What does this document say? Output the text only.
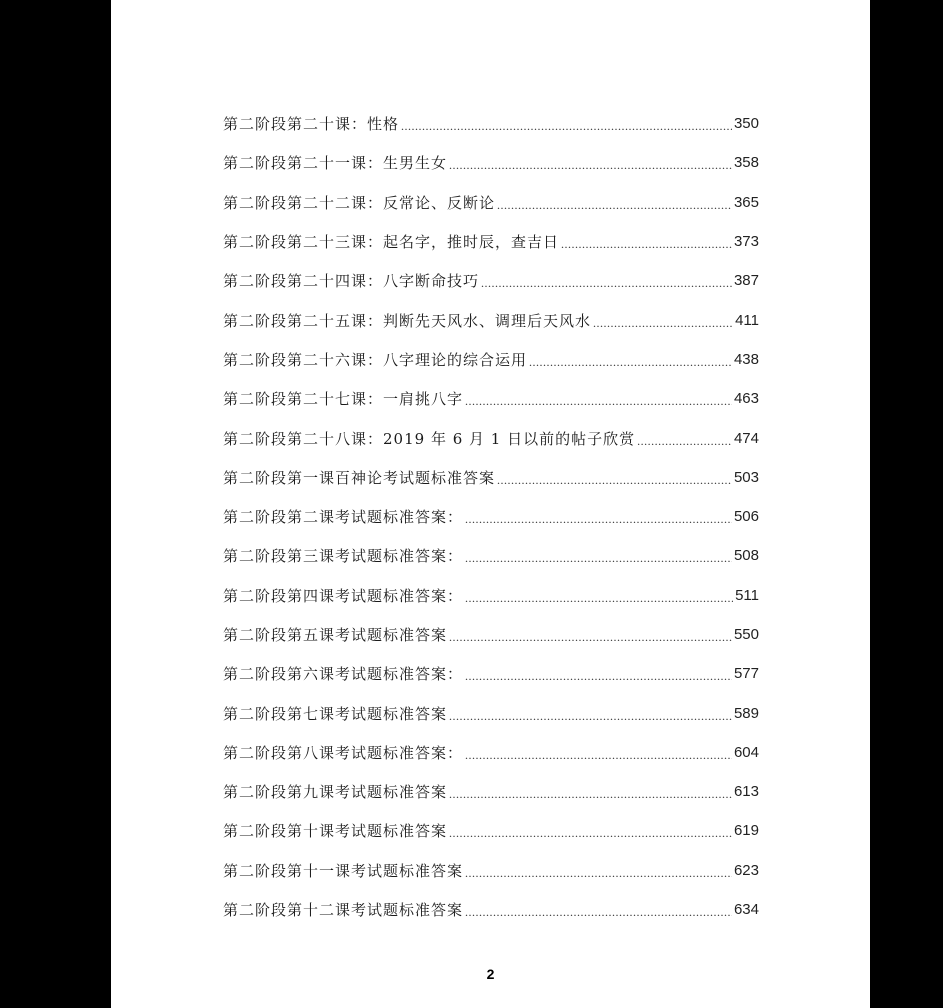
第二阶段第二十课：性格 .....	350
第二阶段第二十一课：生男生女 .....	358
第二阶段第二十二课：反常论、反断论 .....	365
第二阶段第二十三课：起名字，推时辰，查吉日 .....	373
第二阶段第二十四课：八字断命技巧 .....	387
第二阶段第二十五课：判断先天风水、调理后天风水 .....	411
第二阶段第二十六课：八字理论的综合运用 .....	438
第二阶段第二十七课：一肩挑八字 .....	463
第二阶段第二十八课：2019 年 6 月 1 日以前的帖子欣赏 .....	474
第二阶段第一课百神论考试题标准答案 .....	503
第二阶段第二课考试题标准答案： .....	506
第二阶段第三课考试题标准答案： .....	508
第二阶段第四课考试题标准答案： .....	511
第二阶段第五课考试题标准答案 .....	550
第二阶段第六课考试题标准答案： .....	577
第二阶段第七课考试题标准答案 .....	589
第二阶段第八课考试题标准答案： .....	604
第二阶段第九课考试题标准答案 .....	613
第二阶段第十课考试题标准答案 .....	619
第二阶段第十一课考试题标准答案 .....	623
第二阶段第十二课考试题标准答案 .....	634
2
